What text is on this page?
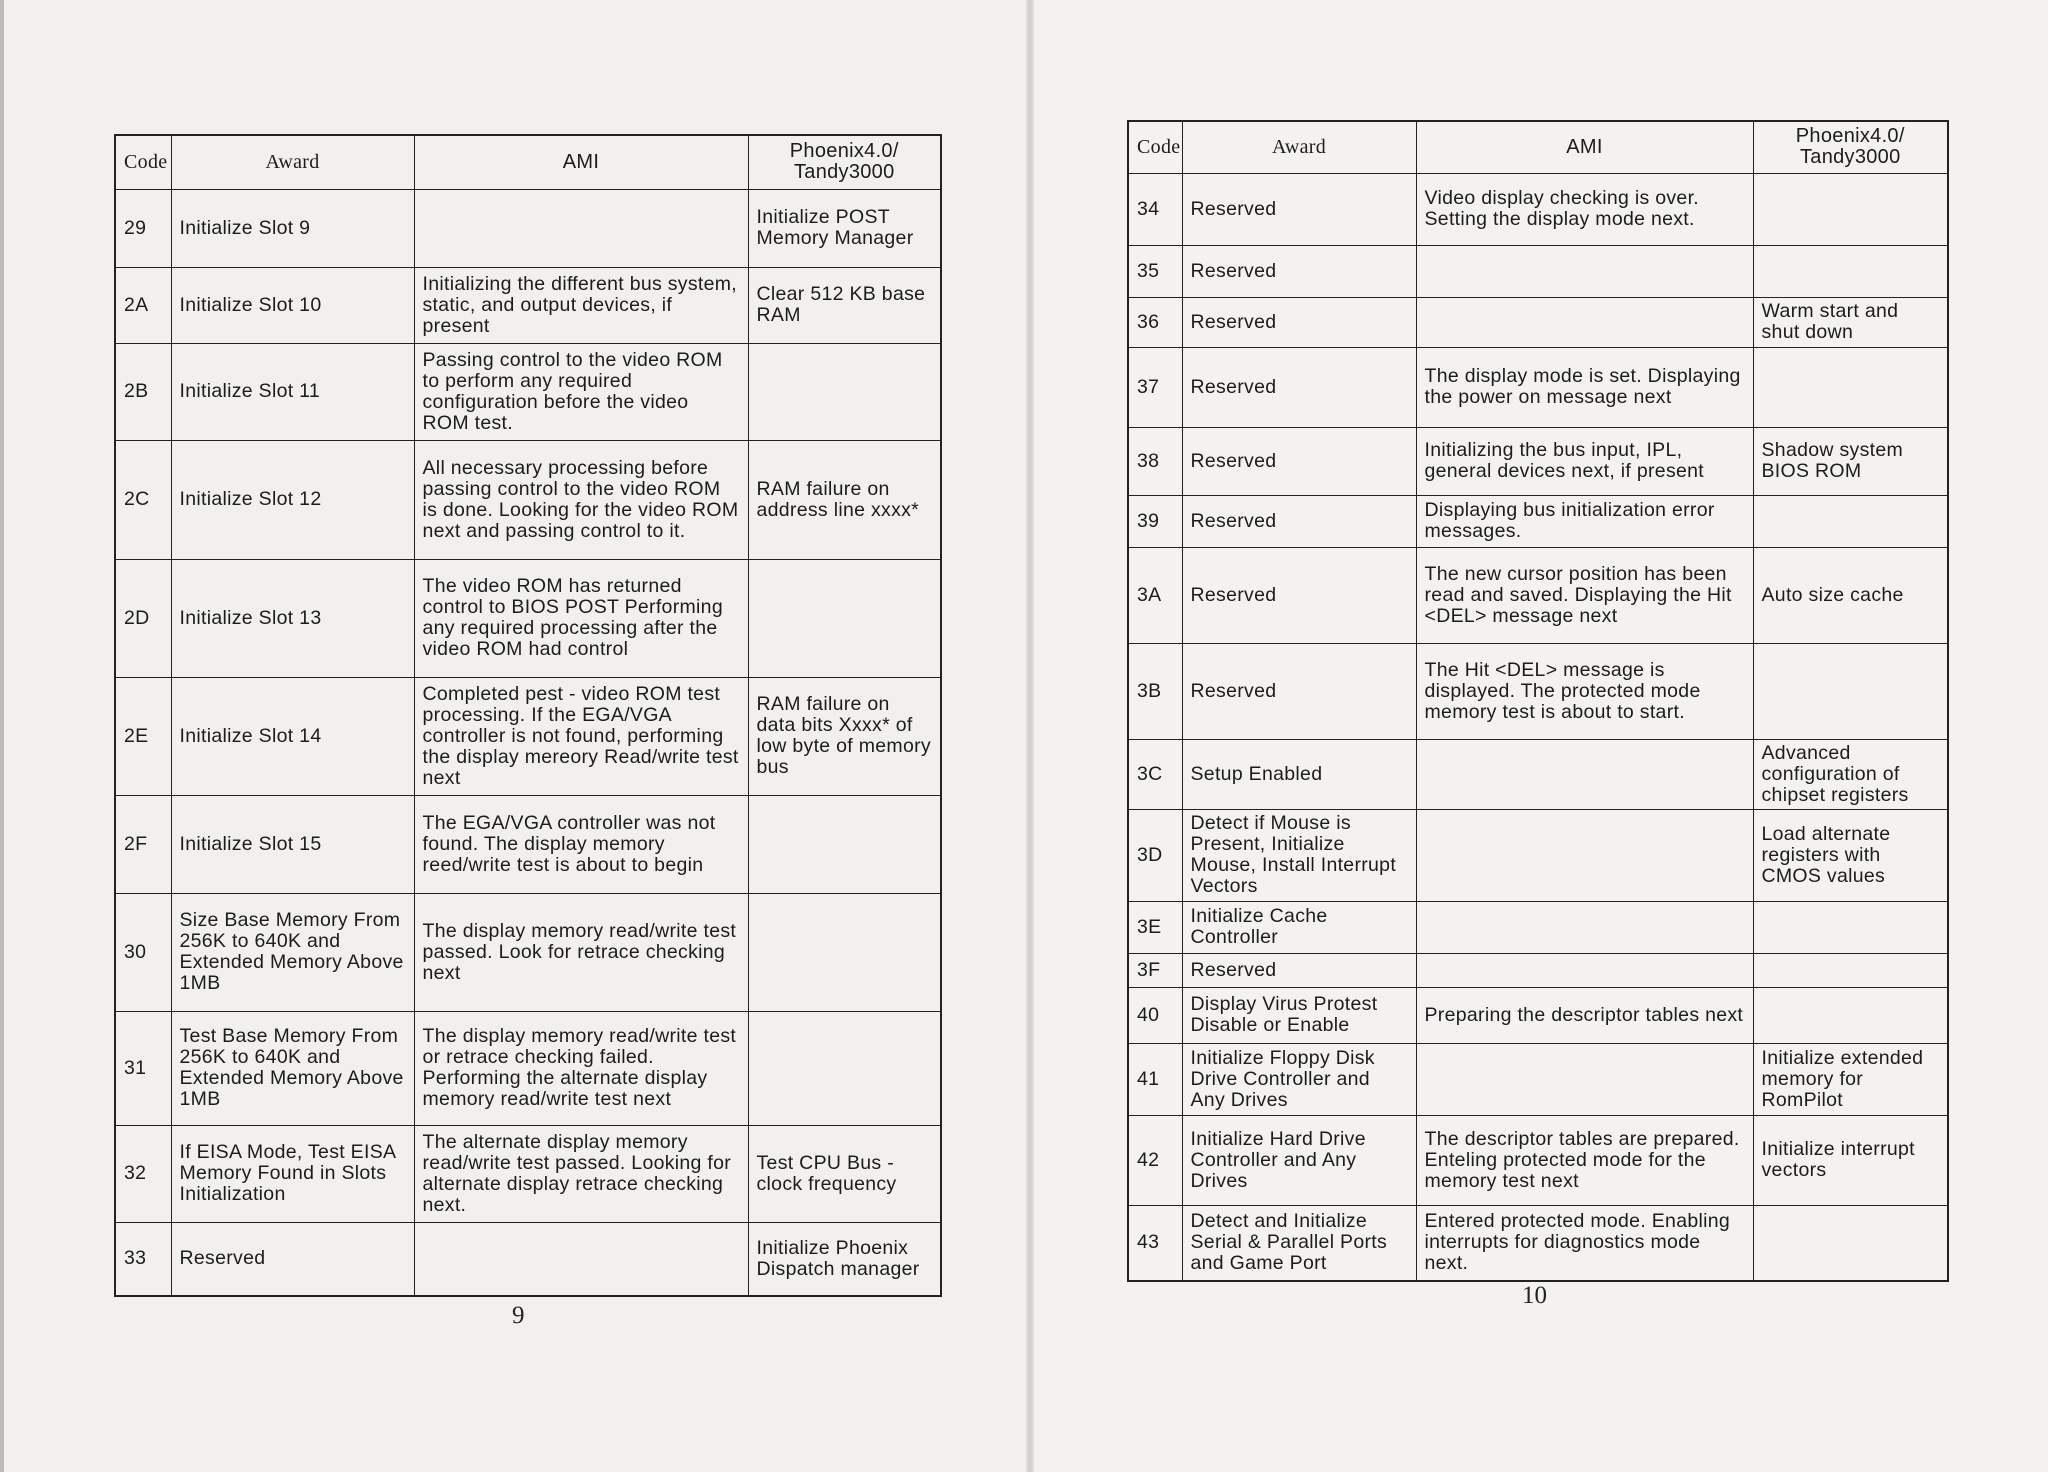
Code	Award	AMI	Phoenix4.0/ Tandy3000
29	Initialize Slot 9		Initialize POST Memory Manager
2A	Initialize Slot 10	Initializing the different bus system, static, and output devices, if present	Clear 512 KB base RAM
2B	Initialize Slot 11	Passing control to the video ROM to perform any required configuration before the video ROM test.	
2C	Initialize Slot 12	All necessary processing before passing control to the video ROM is done. Looking for the video ROM next and passing control to it.	RAM failure on address line xxxx*
2D	Initialize Slot 13	The video ROM has returned control to BIOS POST Performing any required processing after the video ROM had control	
2E	Initialize Slot 14	Completed pest - video ROM test processing. If the EGA/VGA controller is not found, performing the display mereory Read/write test next	RAM failure on data bits Xxxx* of low byte of memory bus
2F	Initialize Slot 15	The EGA/VGA controller was not found. The display memory reed/write test is about to begin	
30	Size Base Memory From 256K to 640K and Extended Memory Above 1MB	The display memory read/write test passed. Look for retrace checking next	
31	Test Base Memory From 256K to 640K and Extended Memory Above 1MB	The display memory read/write test or retrace checking failed. Performing the alternate display memory read/write test next	
32	If EISA Mode, Test EISA Memory Found in Slots Initialization	The alternate display memory read/write test passed. Looking for alternate display retrace checking next.	Test CPU Bus - clock frequency
33	Reserved		Initialize Phoenix Dispatch manager
9
Code	Award	AMI	Phoenix4.0/ Tandy3000
34	Reserved	Video display checking is over. Setting the display mode next.	
35	Reserved		
36	Reserved		Warm start and shut down
37	Reserved	The display mode is set. Displaying the power on message next	
38	Reserved	Initializing the bus input, IPL, general devices next, if present	Shadow system BIOS ROM
39	Reserved	Displaying bus initialization error messages.	
3A	Reserved	The new cursor position has been read and saved. Displaying the Hit <DEL> message next	Auto size cache
3B	Reserved	The Hit <DEL> message is displayed. The protected mode memory test is about to start.	
3C	Setup Enabled		Advanced configuration of chipset registers
3D	Detect if Mouse is Present, Initialize Mouse, Install Interrupt Vectors		Load alternate registers with CMOS values
3E	Initialize Cache Controller		
3F	Reserved		
40	Display Virus Protest Disable or Enable	Preparing the descriptor tables next	
41	Initialize Floppy Disk Drive Controller and Any Drives		Initialize extended memory for RomPilot
42	Initialize Hard Drive Controller and Any Drives	The descriptor tables are prepared. Enteling protected mode for the memory test next	Initialize interrupt vectors
43	Detect and Initialize Serial & Parallel Ports and Game Port	Entered protected mode. Enabling interrupts for diagnostics mode next.	
10
